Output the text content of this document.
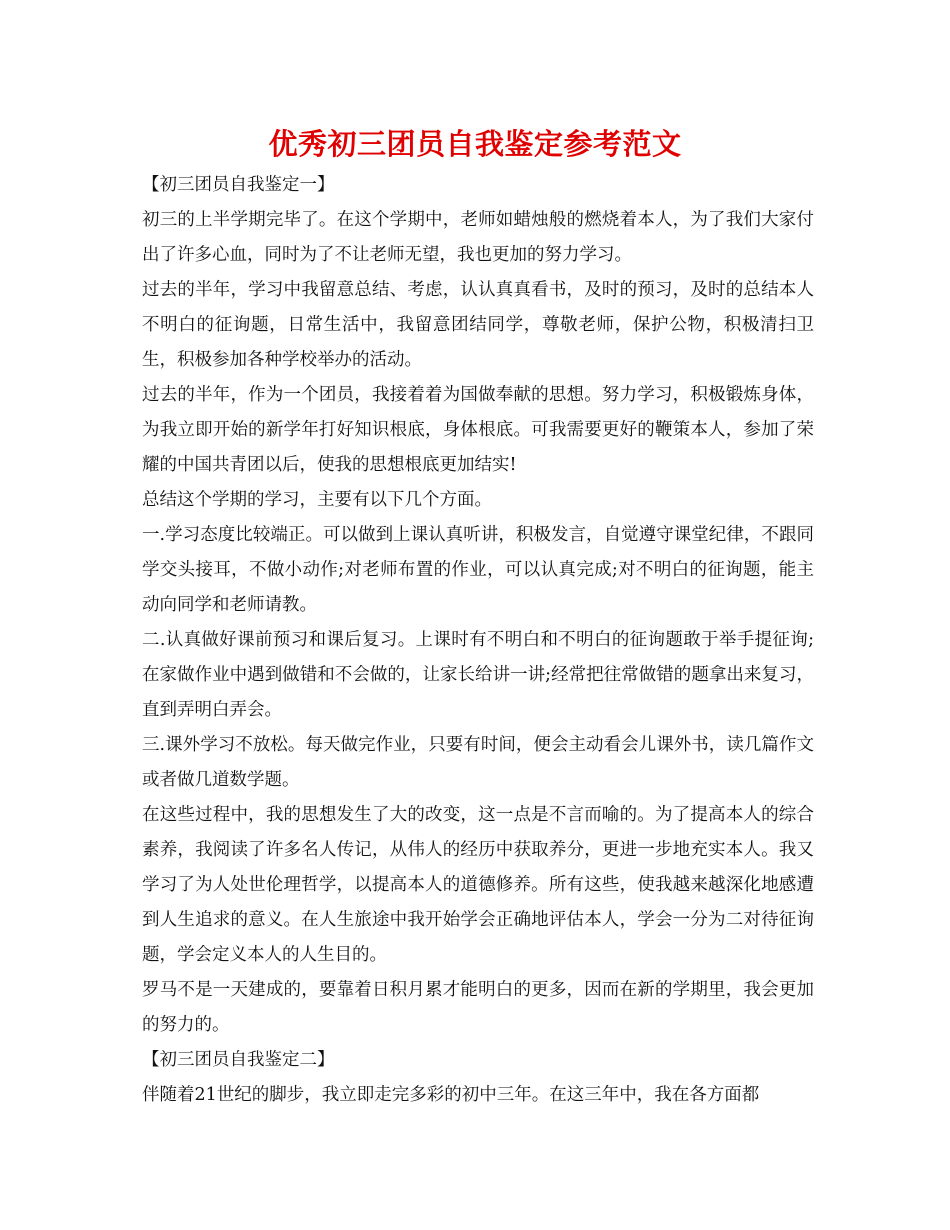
优秀初三团员自我鉴定参考范文

【初三团员自我鉴定一】

初三的上半学期完毕了。在这个学期中，老师如蜡烛般的燃烧着本人，为了我们大家付出了许多心血，同时为了不让老师无望，我也更加的努力学习。

过去的半年，学习中我留意总结、考虑，认认真真看书，及时的预习，及时的总结本人不明白的征询题，日常生活中，我留意团结同学，尊敬老师，保护公物，积极清扫卫生，积极参加各种学校举办的活动。

过去的半年，作为一个团员，我接着着为国做奉献的思想。努力学习，积极锻炼身体，为我立即开始的新学年打好知识根底，身体根底。可我需要更好的鞭策本人，参加了荣耀的中国共青团以后，使我的思想根底更加结实!

总结这个学期的学习，主要有以下几个方面。

一.学习态度比较端正。可以做到上课认真听讲，积极发言，自觉遵守课堂纪律，不跟同学交头接耳，不做小动作;对老师布置的作业，可以认真完成;对不明白的征询题，能主动向同学和老师请教。

二.认真做好课前预习和课后复习。上课时有不明白和不明白的征询题敢于举手提征询;在家做作业中遇到做错和不会做的，让家长给讲一讲;经常把往常做错的题拿出来复习，直到弄明白弄会。

三.课外学习不放松。每天做完作业，只要有时间，便会主动看会儿课外书，读几篇作文或者做几道数学题。

在这些过程中，我的思想发生了大的改变，这一点是不言而喻的。为了提高本人的综合素养，我阅读了许多名人传记，从伟人的经历中获取养分，更进一步地充实本人。我又学习了为人处世伦理哲学，以提高本人的道德修养。所有这些，使我越来越深化地感遭到人生追求的意义。在人生旅途中我开始学会正确地评估本人，学会一分为二对待征询题，学会定义本人的人生目的。

罗马不是一天建成的，要靠着日积月累才能明白的更多，因而在新的学期里，我会更加的努力的。

【初三团员自我鉴定二】

伴随着21世纪的脚步，我立即走完多彩的初中三年。在这三年中，我在各方面都
